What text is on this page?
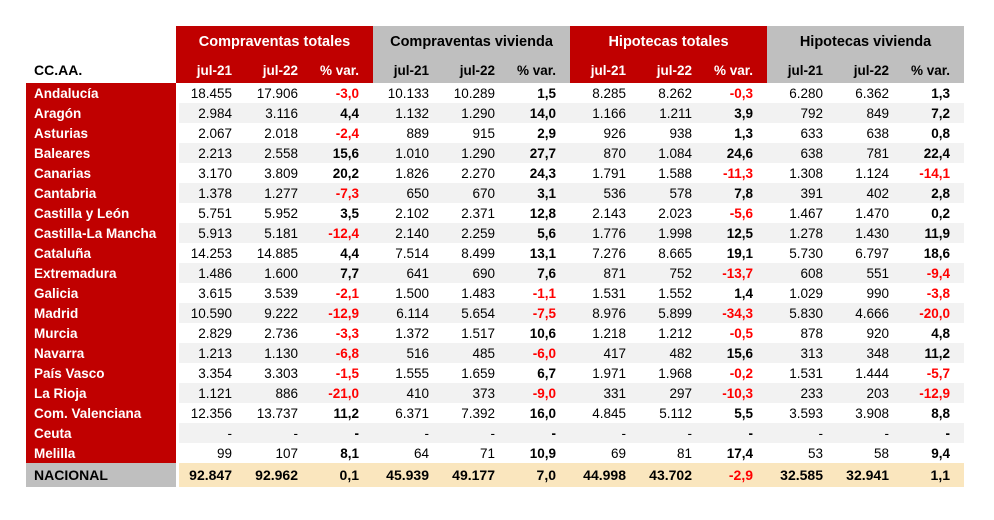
CC.AA.	Compraventas totales			Compraventas vivienda			Hipotecas totales			Hipotecas vivienda		
	jul-21	jul-22	% var.	jul-21	jul-22	% var.	jul-21	jul-22	% var.	jul-21	jul-22	% var.
Andalucía	18.455	17.906	-3,0	10.133	10.289	1,5	8.285	8.262	-0,3	6.280	6.362	1,3
Aragón	2.984	3.116	4,4	1.132	1.290	14,0	1.166	1.211	3,9	792	849	7,2
Asturias	2.067	2.018	-2,4	889	915	2,9	926	938	1,3	633	638	0,8
Baleares	2.213	2.558	15,6	1.010	1.290	27,7	870	1.084	24,6	638	781	22,4
Canarias	3.170	3.809	20,2	1.826	2.270	24,3	1.791	1.588	-11,3	1.308	1.124	-14,1
Cantabria	1.378	1.277	-7,3	650	670	3,1	536	578	7,8	391	402	2,8
Castilla y León	5.751	5.952	3,5	2.102	2.371	12,8	2.143	2.023	-5,6	1.467	1.470	0,2
Castilla-La Mancha	5.913	5.181	-12,4	2.140	2.259	5,6	1.776	1.998	12,5	1.278	1.430	11,9
Cataluña	14.253	14.885	4,4	7.514	8.499	13,1	7.276	8.665	19,1	5.730	6.797	18,6
Extremadura	1.486	1.600	7,7	641	690	7,6	871	752	-13,7	608	551	-9,4
Galicia	3.615	3.539	-2,1	1.500	1.483	-1,1	1.531	1.552	1,4	1.029	990	-3,8
Madrid	10.590	9.222	-12,9	6.114	5.654	-7,5	8.976	5.899	-34,3	5.830	4.666	-20,0
Murcia	2.829	2.736	-3,3	1.372	1.517	10,6	1.218	1.212	-0,5	878	920	4,8
Navarra	1.213	1.130	-6,8	516	485	-6,0	417	482	15,6	313	348	11,2
País Vasco	3.354	3.303	-1,5	1.555	1.659	6,7	1.971	1.968	-0,2	1.531	1.444	-5,7
La Rioja	1.121	886	-21,0	410	373	-9,0	331	297	-10,3	233	203	-12,9
Com. Valenciana	12.356	13.737	11,2	6.371	7.392	16,0	4.845	5.112	5,5	3.593	3.908	8,8
Ceuta	-	-	-	-	-	-	-	-	-	-	-	-
Melilla	99	107	8,1	64	71	10,9	69	81	17,4	53	58	9,4
NACIONAL	92.847	92.962	0,1	45.939	49.177	7,0	44.998	43.702	-2,9	32.585	32.941	1,1
